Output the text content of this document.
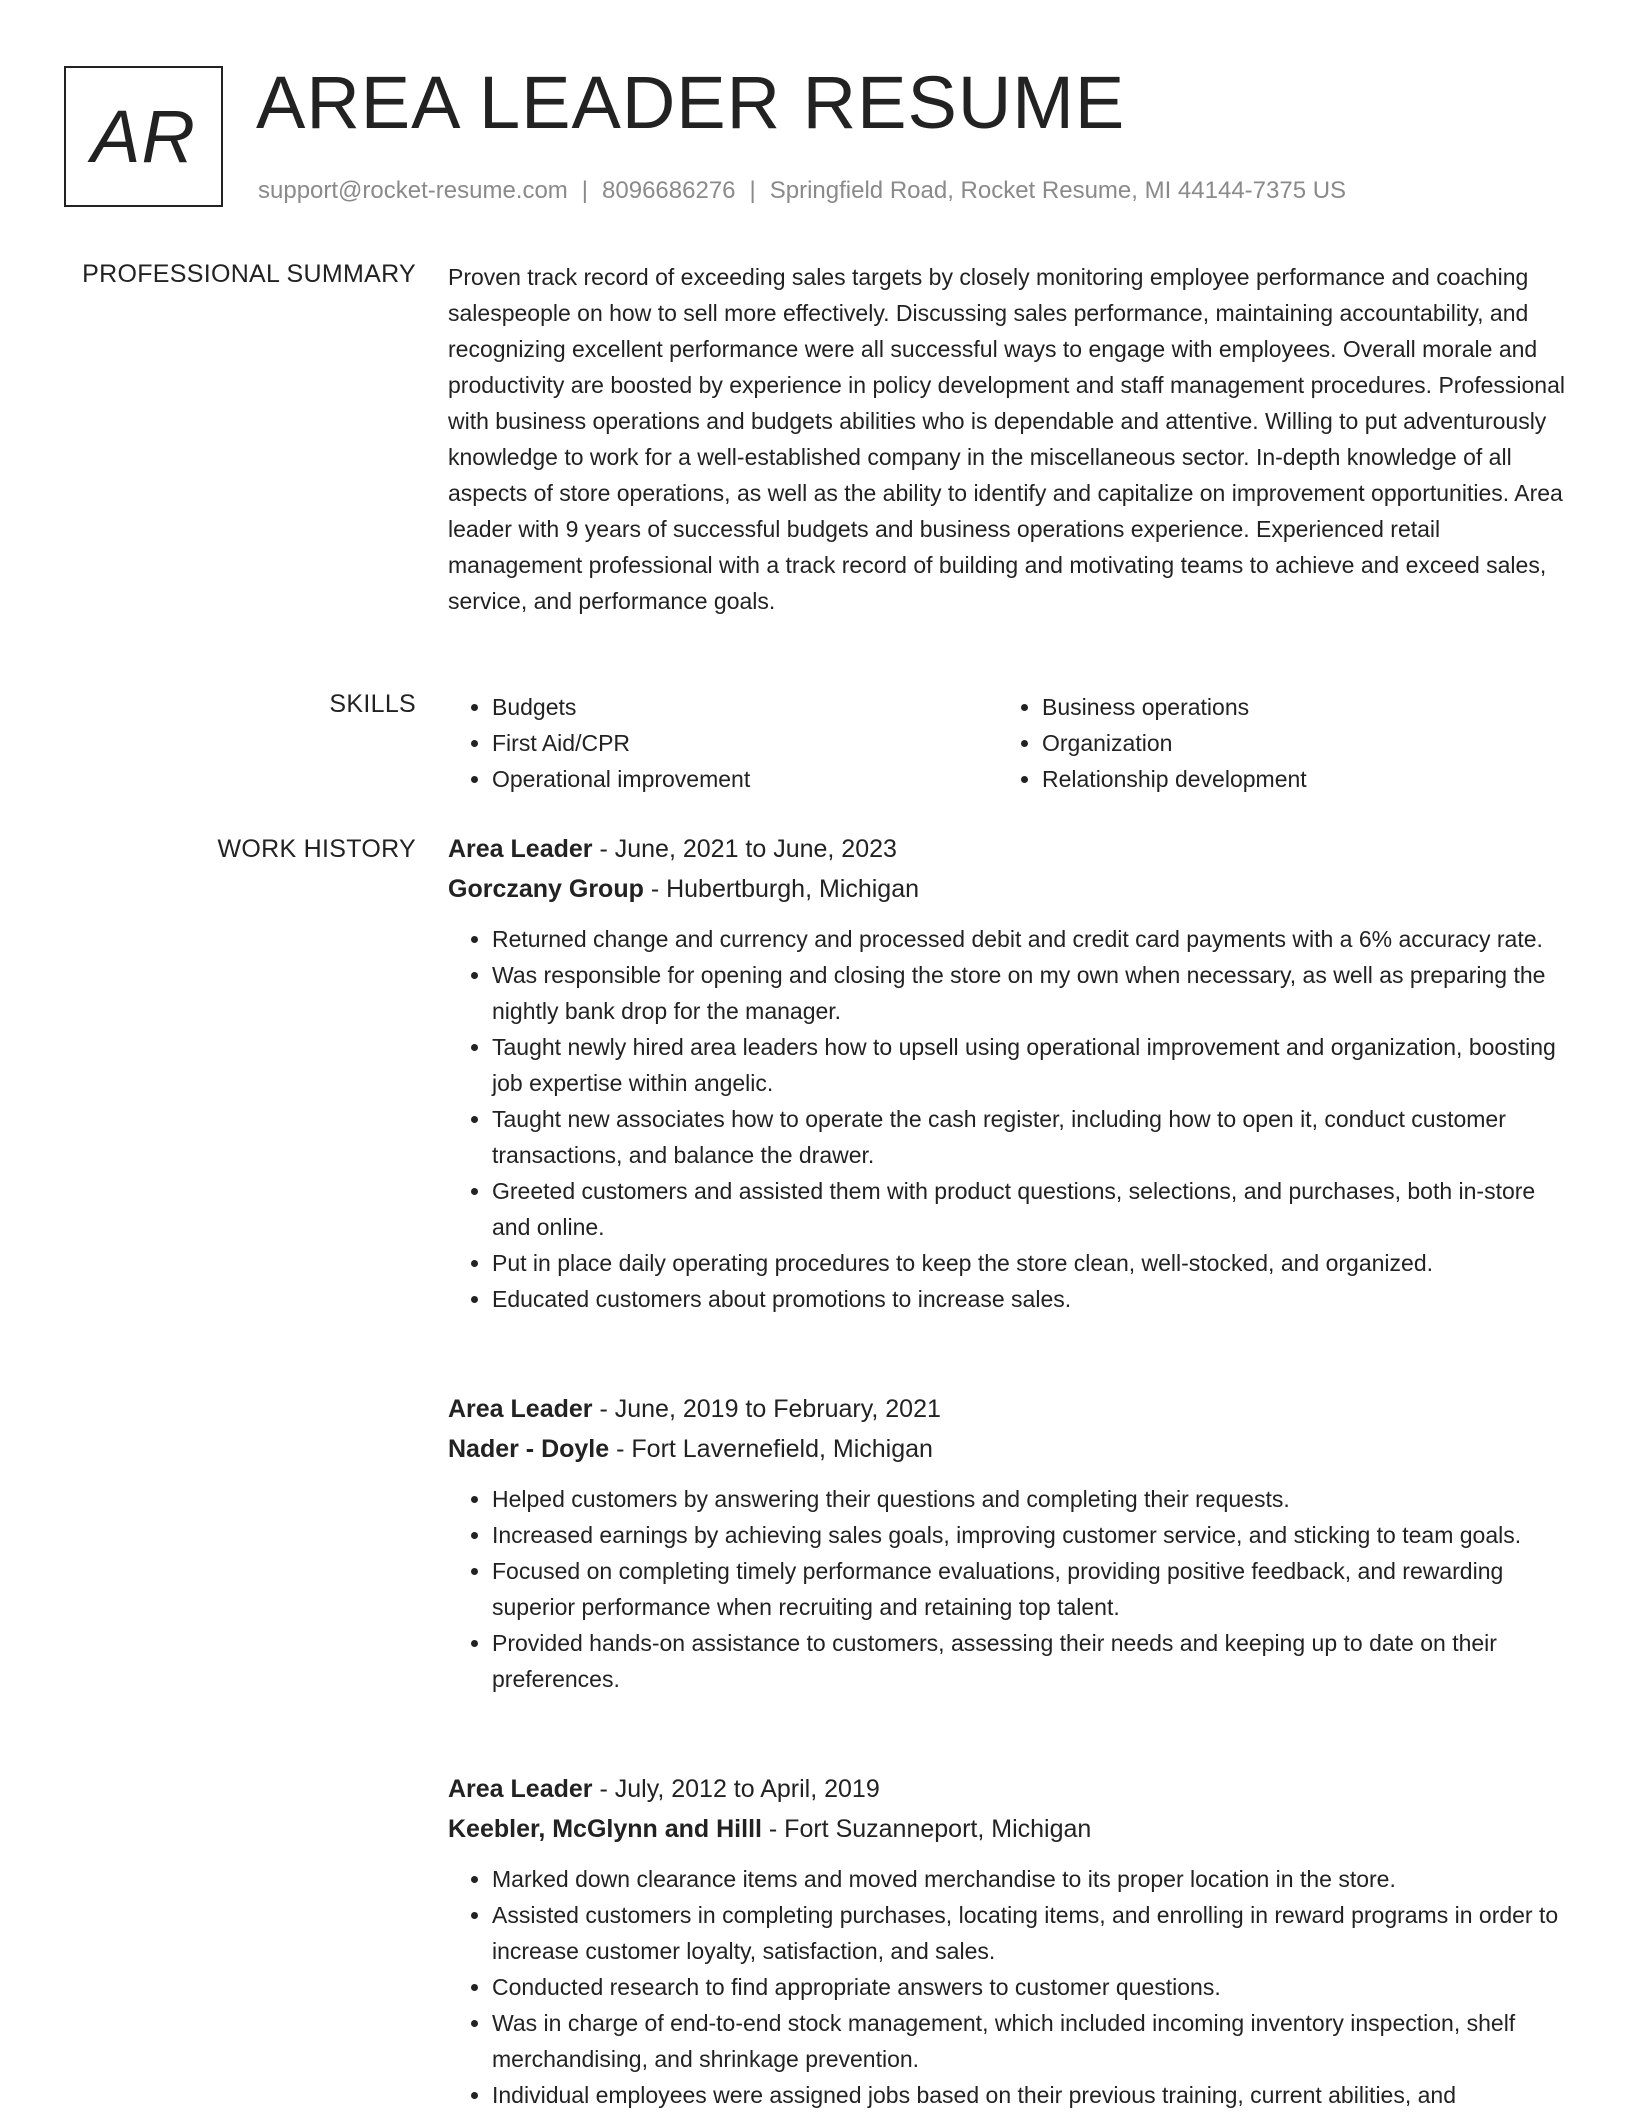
AR AREA LEADER RESUME
support@rocket-resume.com | 8096686276 | Springfield Road, Rocket Resume, MI 44144-7375 US
PROFESSIONAL SUMMARY Proven track record of exceeding sales targets by closely monitoring employee performance and coaching salespeople on how to sell more effectively. Discussing sales performance, maintaining accountability, and recognizing excellent performance were all successful ways to engage with employees. Overall morale and productivity are boosted by experience in policy development and staff management procedures. Professional with business operations and budgets abilities who is dependable and attentive. Willing to put adventurously knowledge to work for a well-established company in the miscellaneous sector. In-depth knowledge of all aspects of store operations, as well as the ability to identify and capitalize on improvement opportunities. Area leader with 9 years of successful budgets and business operations experience. Experienced retail management professional with a track record of building and motivating teams to achieve and exceed sales, service, and performance goals.

SKILLS
•	Budgets
• First Aid/CPR
• Operational improvement
• Business operations
• Organization
• Relationship development
WORK HISTORY Area Leader - June, 2021 to June, 2023

Gorczany Group - Hubertburgh, Michigan

• Returned change and currency and processed debit and credit card payments with a 6% accuracy rate.
• Was responsible for opening and closing the store on my own when necessary, as well as preparing the nightly bank drop for the manager.
• Taught newly hired area leaders how to upsell using operational improvement and organization, boosting job expertise within angelic.
• Taught new associates how to operate the cash register, including how to open it, conduct customer transactions, and balance the drawer.
• Greeted customers and assisted them with product questions, selections, and purchases, both in-store and online.
• Put in place daily operating procedures to keep the store clean, well-stocked, and organized.
• Educated customers about promotions to increase sales.

Area Leader - June, 2019 to February, 2021

Nader - Doyle - Fort Lavernefield, Michigan

• Helped customers by answering their questions and completing their requests.
• Increased earnings by achieving sales goals, improving customer service, and sticking to team goals.
• Focused on completing timely performance evaluations, providing positive feedback, and rewarding superior performance when recruiting and retaining top talent.
• Provided hands-on assistance to customers, assessing their needs and keeping up to date on their preferences.

Area Leader - July, 2012 to April, 2019

Keebler, McGlynn and Hilll - Fort Suzanneport, Michigan

• Marked down clearance items and moved merchandise to its proper location in the store.
• Assisted customers in completing purchases, locating items, and enrolling in reward programs in order to increase customer loyalty, satisfaction, and sales.
• Conducted research to find appropriate answers to customer questions.
• Was in charge of end-to-end stock management, which included incoming inventory inspection, shelf merchandising, and shrinkage prevention.
• Individual employees were assigned jobs based on their previous training, current abilities, and
